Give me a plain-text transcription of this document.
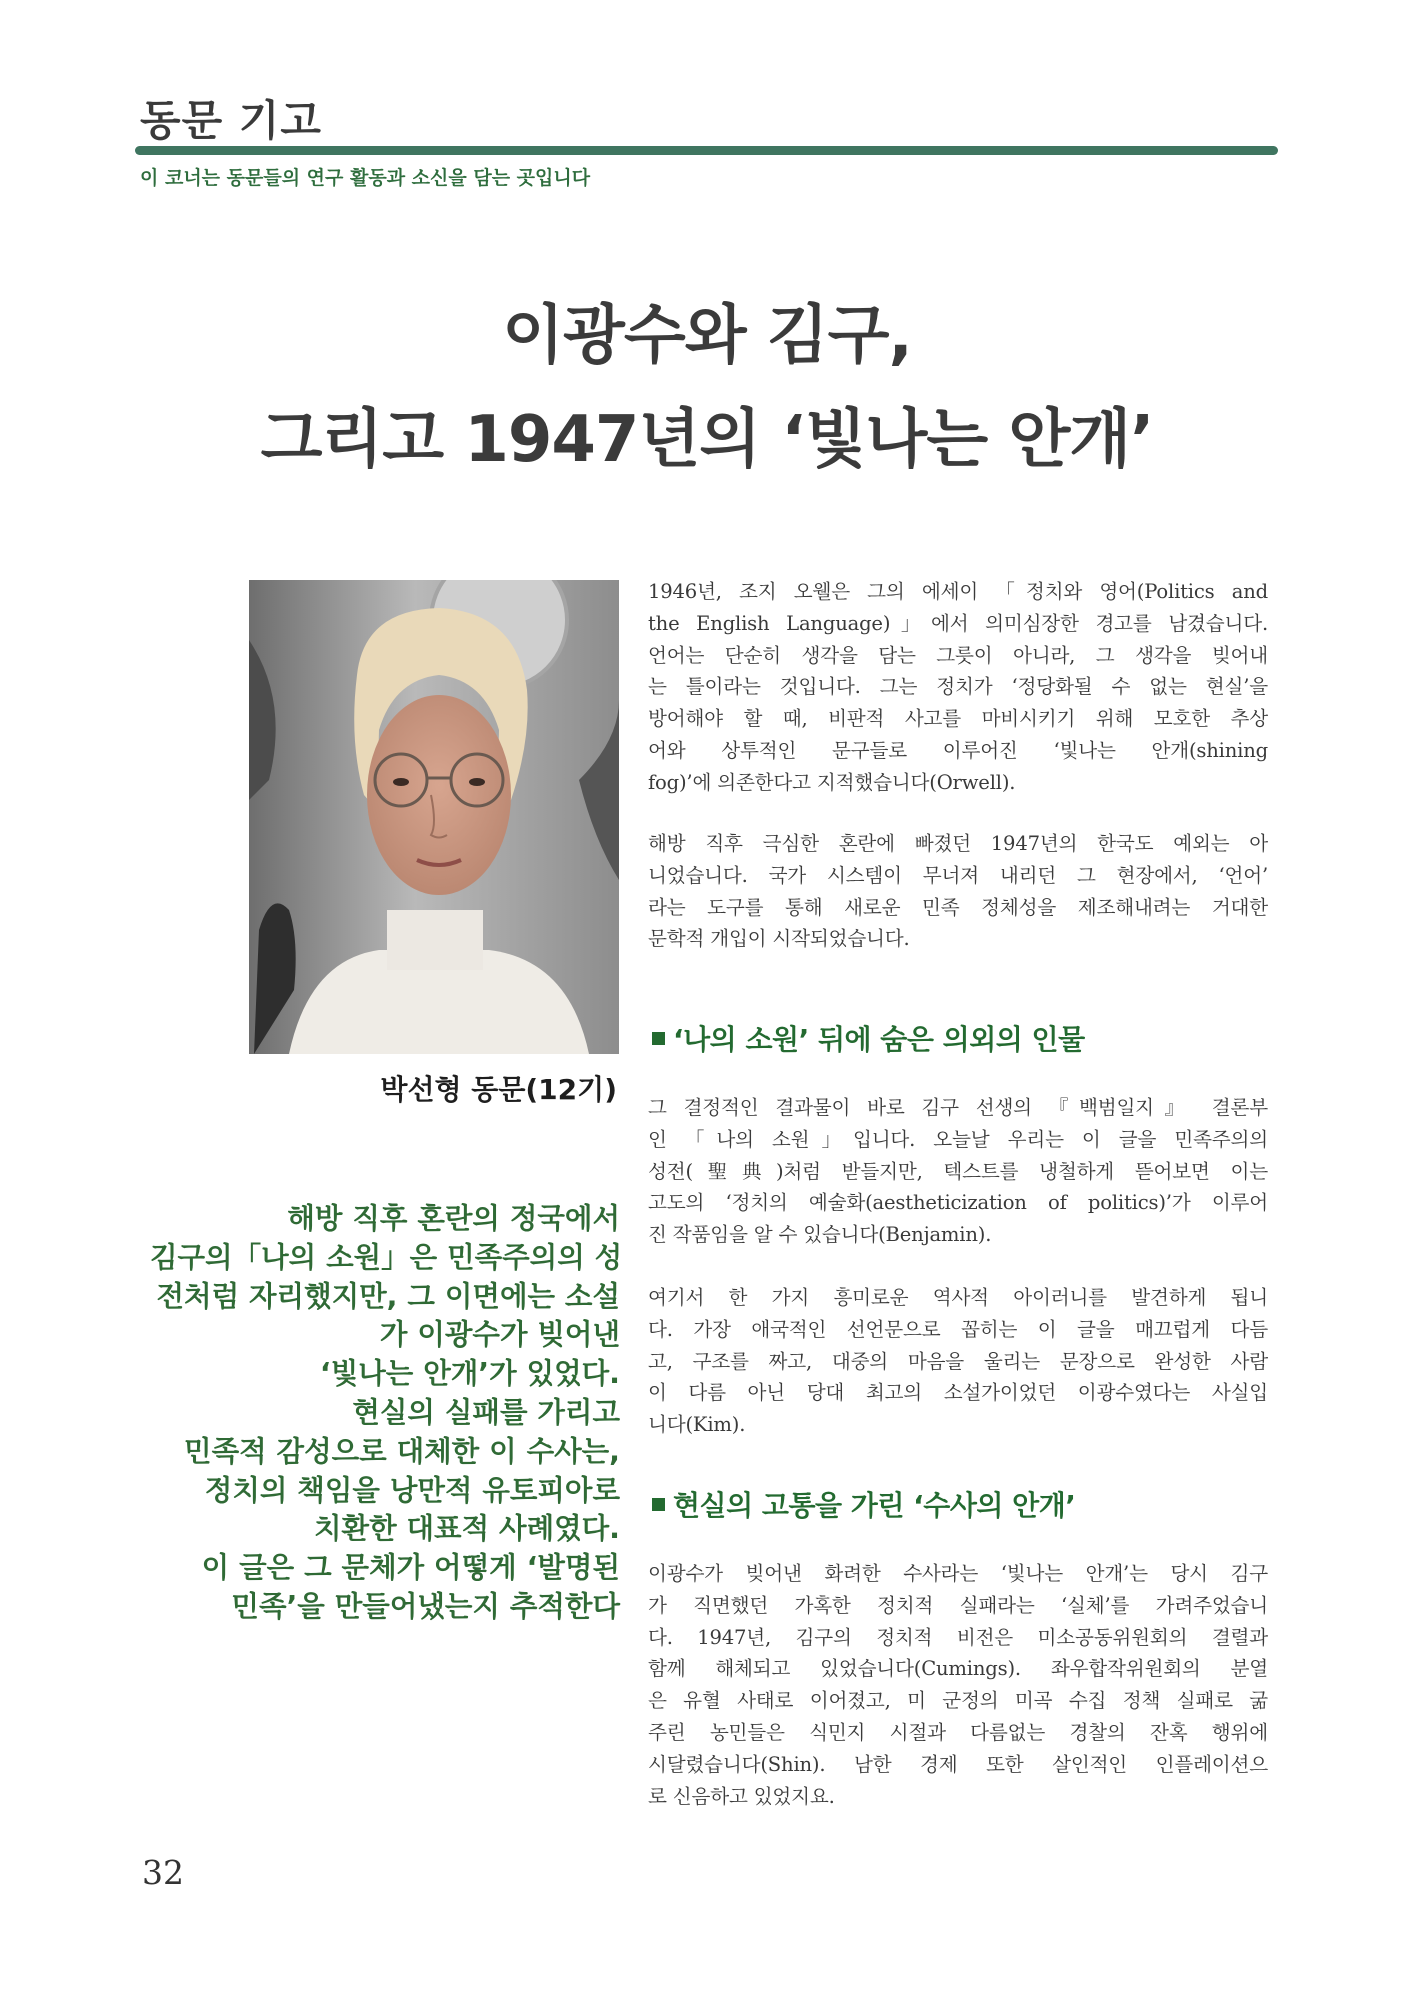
동문 기고
이 코너는 동문들의 연구 활동과 소신을 담는 곳입니다
이광수와 김구,
그리고 1947년의 ‘빛나는 안개’
박선형 동문(12기)
해방 직후 혼란의 정국에서
김구의「나의 소원」은 민족주의의 성
전처럼 자리했지만, 그 이면에는 소설
가 이광수가 빚어낸
‘빛나는 안개’가 있었다.
현실의 실패를 가리고
민족적 감성으로 대체한 이 수사는,
정치의 책임을 낭만적 유토피아로
치환한 대표적 사례였다.
이 글은 그 문체가 어떻게 ‘발명된
민족’을 만들어냈는지 추적한다
1946년, 조지 오웰은 그의 에세이 「정치와 영어(Politics and
the English Language)」에서 의미심장한 경고를 남겼습니다.
언어는 단순히 생각을 담는 그릇이 아니라, 그 생각을 빚어내
는 틀이라는 것입니다. 그는 정치가 ‘정당화될 수 없는 현실’을
방어해야 할 때, 비판적 사고를 마비시키기 위해 모호한 추상
어와 상투적인 문구들로 이루어진 ‘빛나는 안개(shining
fog)’에 의존한다고 지적했습니다(Orwell).
해방 직후 극심한 혼란에 빠졌던 1947년의 한국도 예외는 아
니었습니다. 국가 시스템이 무너져 내리던 그 현장에서, ‘언어’
라는 도구를 통해 새로운 민족 정체성을 제조해내려는 거대한
문학적 개입이 시작되었습니다.
‘나의 소원’ 뒤에 숨은 의외의 인물
그 결정적인 결과물이 바로 김구 선생의 『백범일지』 결론부
인 「나의 소원」입니다. 오늘날 우리는 이 글을 민족주의의
성전(聖典)처럼 받들지만, 텍스트를 냉철하게 뜯어보면 이는
고도의 ‘정치의 예술화(aestheticization of politics)’가 이루어
진 작품임을 알 수 있습니다(Benjamin).
여기서 한 가지 흥미로운 역사적 아이러니를 발견하게 됩니
다. 가장 애국적인 선언문으로 꼽히는 이 글을 매끄럽게 다듬
고, 구조를 짜고, 대중의 마음을 울리는 문장으로 완성한 사람
이 다름 아닌 당대 최고의 소설가이었던 이광수였다는 사실입
니다(Kim).
현실의 고통을 가린 ‘수사의 안개’
이광수가 빚어낸 화려한 수사라는 ‘빛나는 안개’는 당시 김구
가 직면했던 가혹한 정치적 실패라는 ‘실체’를 가려주었습니
다. 1947년, 김구의 정치적 비전은 미소공동위원회의 결렬과
함께 해체되고 있었습니다(Cumings). 좌우합작위원회의 분열
은 유혈 사태로 이어졌고, 미 군정의 미곡 수집 정책 실패로 굶
주린 농민들은 식민지 시절과 다름없는 경찰의 잔혹 행위에
시달렸습니다(Shin). 남한 경제 또한 살인적인 인플레이션으
로 신음하고 있었지요.
32
